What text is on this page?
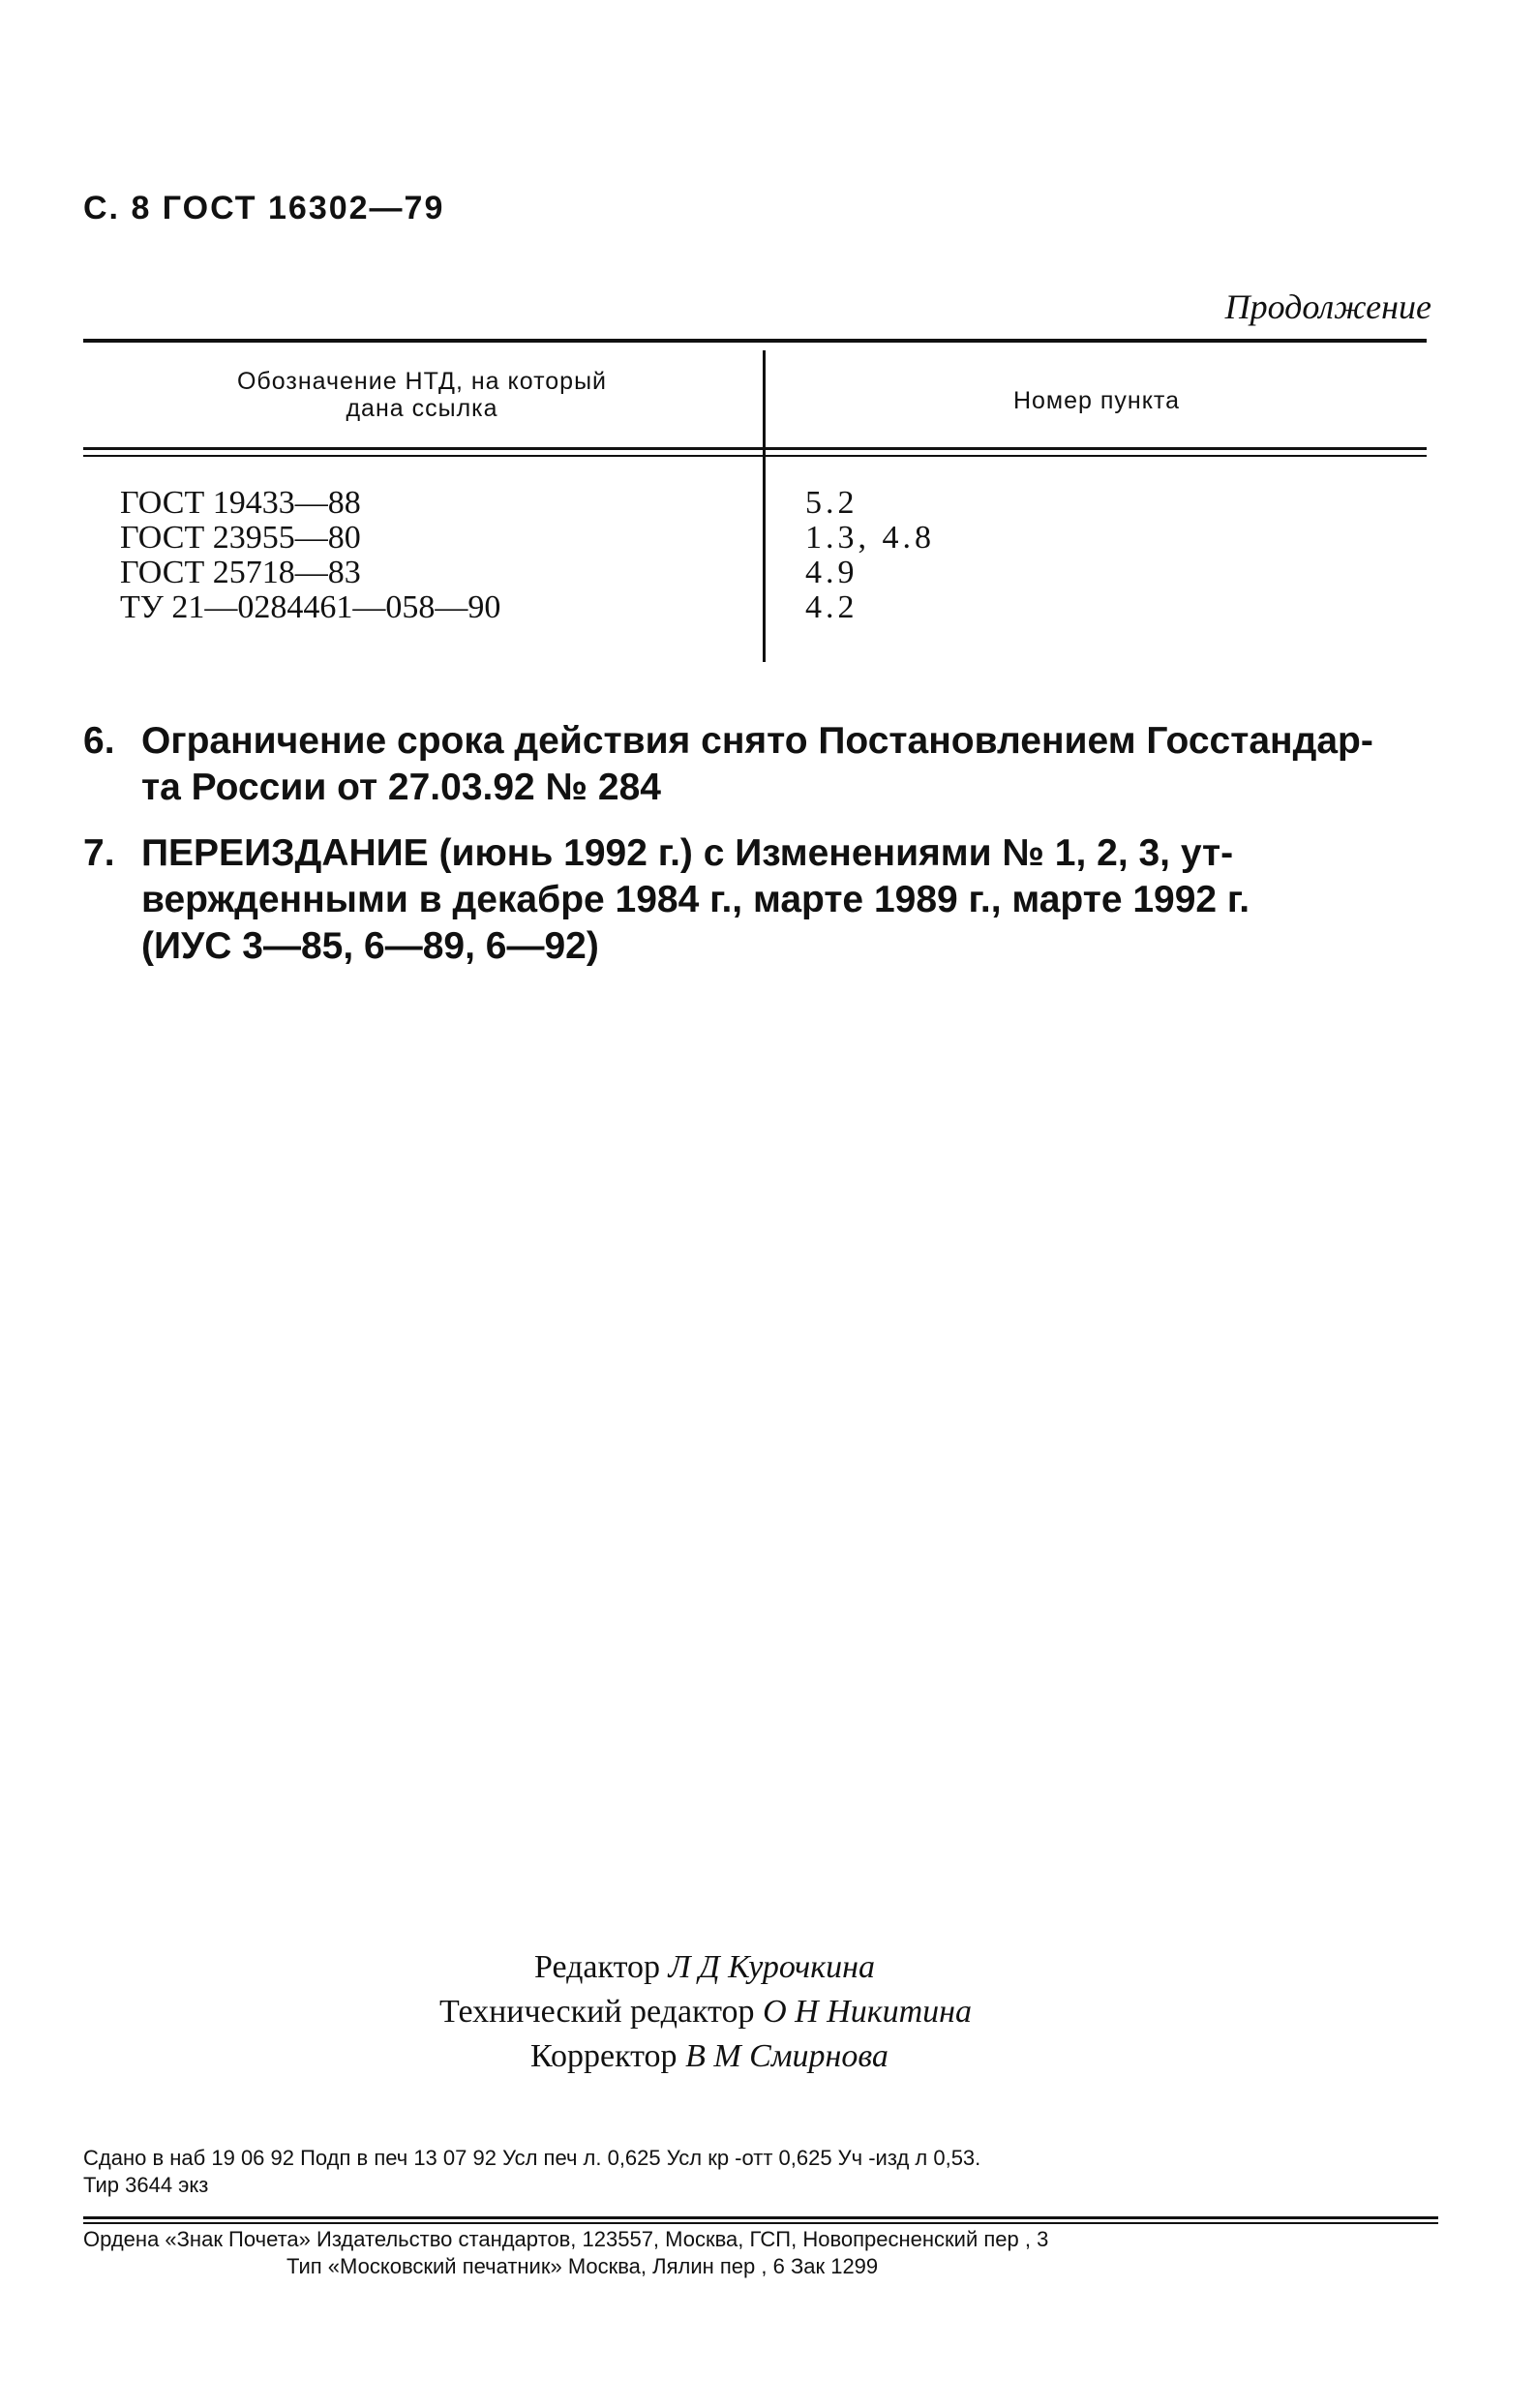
С. 8 ГОСТ 16302—79
Продолжение
Обозначение НТД, на который
дана ссылка	Номер пункта
ГОСТ 19433—88	5.2
ГОСТ 23955—80	1.3, 4.8
ГОСТ 25718—83	4.9
ТУ 21—0284461—058—90	4.2
6. Ограничение срока действия снято Постановлением Госстандар-
та России от 27.03.92 № 284
7. ПЕРЕИЗДАНИЕ (июнь 1992 г.) с Изменениями № 1, 2, 3, ут-
вержденными в декабре 1984 г., марте 1989 г., марте 1992 г.
(ИУС 3—85, 6—89, 6—92)
Редактор Л Д Курочкина
Технический редактор О Н Никитина
Корректор В М Смирнова
Сдано в наб 19 06 92 Подп в печ 13 07 92 Усл печ л. 0,625 Усл кр -отт 0,625 Уч -изд л 0,53.
Тир 3644 экз
Ордена «Знак Почета» Издательство стандартов, 123557, Москва, ГСП, Новопресненский пер , 3
Тип «Московский печатник» Москва, Лялин пер , 6 Зак 1299
